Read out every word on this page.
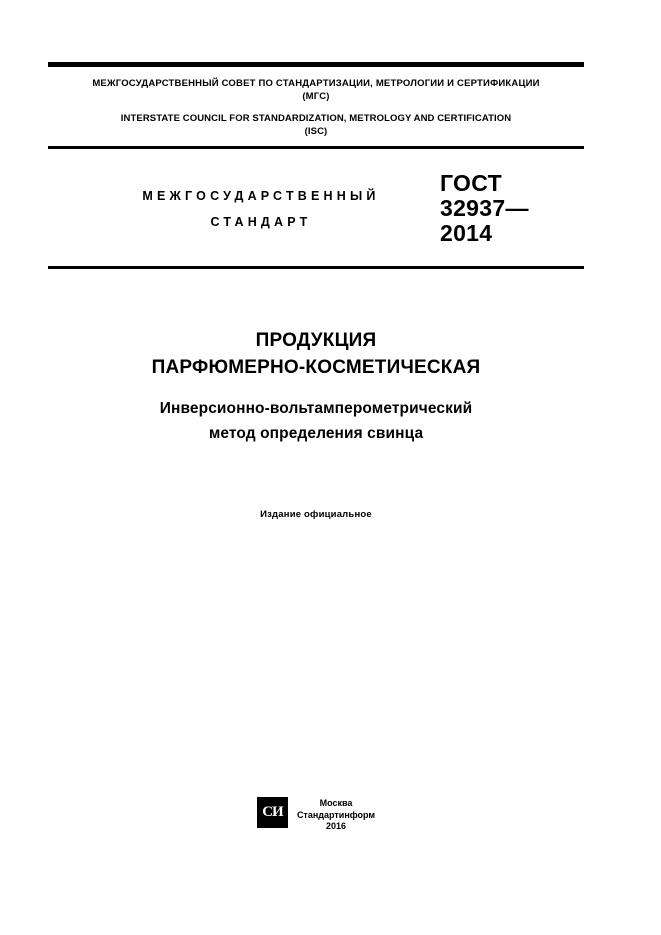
МЕЖГОСУДАРСТВЕННЫЙ СОВЕТ ПО СТАНДАРТИЗАЦИИ, МЕТРОЛОГИИ И СЕРТИФИКАЦИИ
(МГС)
INTERSTATE COUNCIL FOR STANDARDIZATION, METROLOGY AND CERTIFICATION
(ISC)
МЕЖГОСУДАРСТВЕННЫЙ
СТАНДАРТ
ГОСТ
32937—
2014
ПРОДУКЦИЯ
ПАРФЮМЕРНО-КОСМЕТИЧЕСКАЯ
Инверсионно-вольтамперометрический
метод определения свинца
Издание официальное
СИ
Москва
Стандартинформ
2016
